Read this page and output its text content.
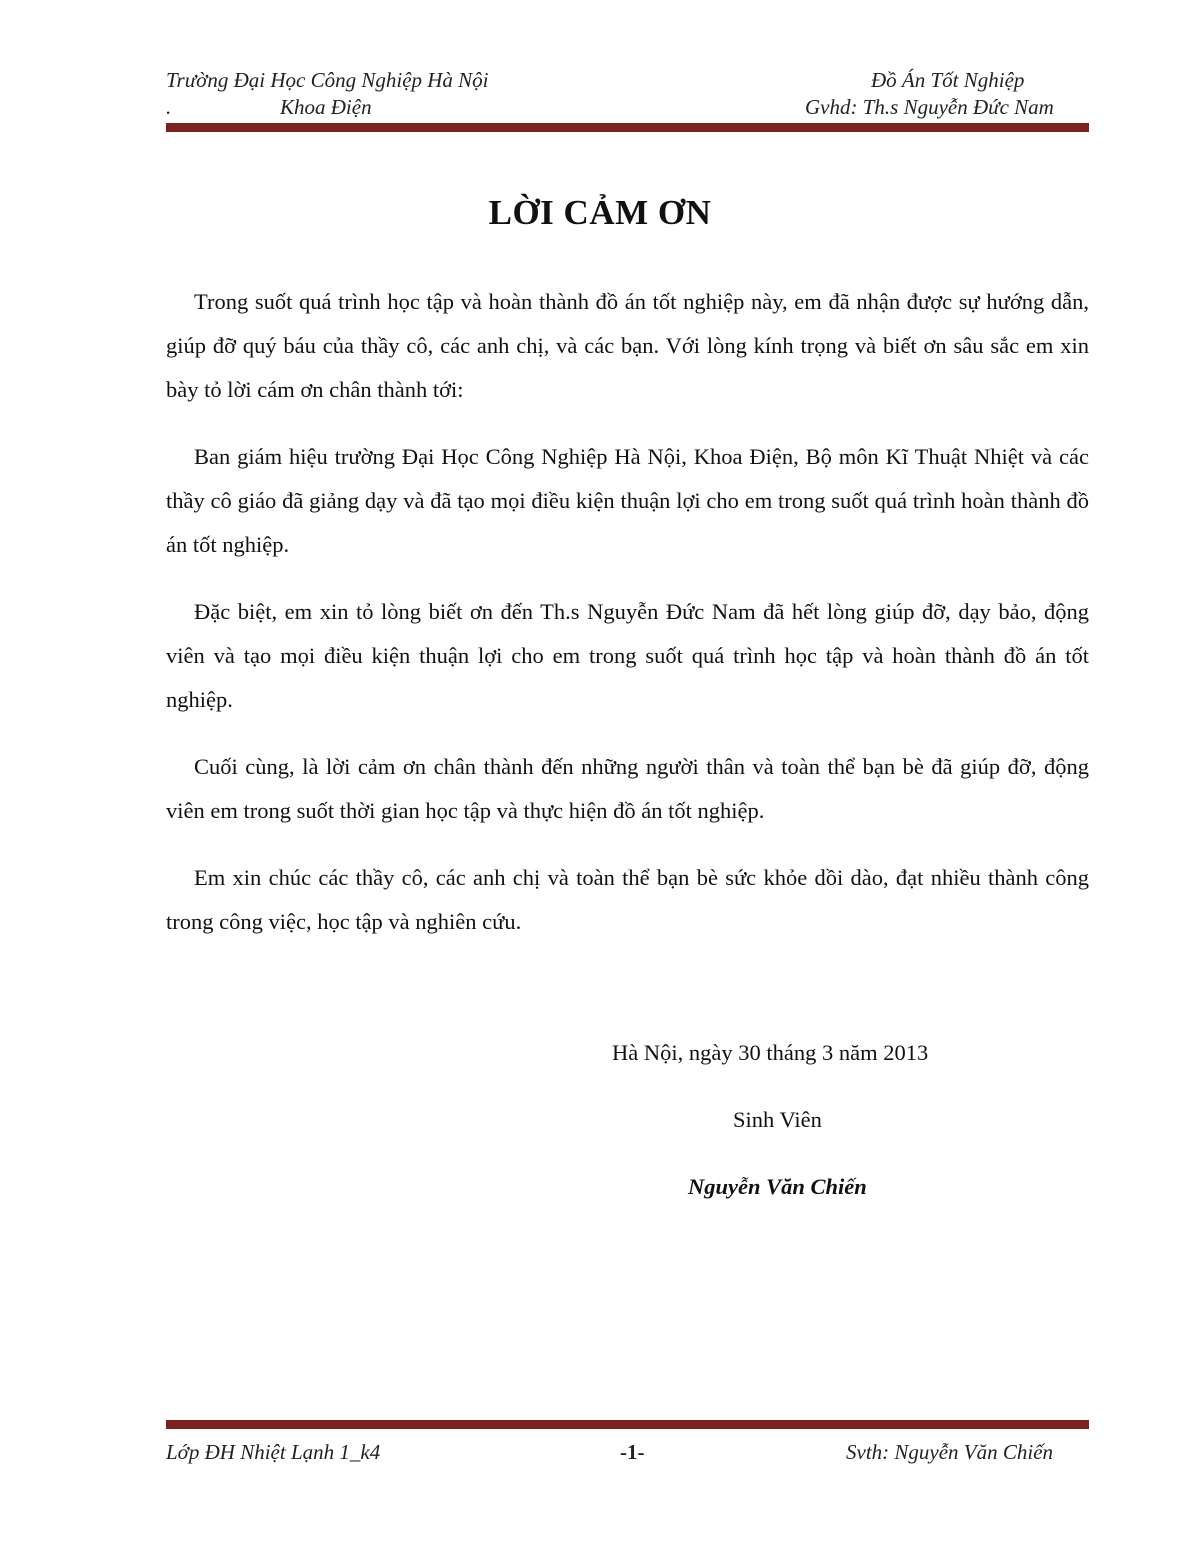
Trường Đại Học Công Nghiệp Hà Nội	Đồ Án Tốt Nghiệp
.	Khoa Điện	Gvhd: Th.s Nguyễn Đức Nam
LỜI CẢM ƠN

Trong suốt quá trình học tập và hoàn thành đồ án tốt nghiệp này, em đã nhận được sự hướng dẫn, giúp đỡ quý báu của thầy cô, các anh chị, và các bạn. Với lòng kính trọng và biết ơn sâu sắc em xin bày tỏ lời cám ơn chân thành tới:

Ban giám hiệu trường Đại Học Công Nghiệp Hà Nội, Khoa Điện, Bộ môn Kĩ Thuật Nhiệt và các thầy cô giáo đã giảng dạy và đã tạo mọi điều kiện thuận lợi cho em trong suốt quá trình hoàn thành đồ án tốt nghiệp.

Đặc biệt, em xin tỏ lòng biết ơn đến Th.s Nguyễn Đức Nam đã hết lòng giúp đỡ, dạy bảo, động viên và tạo mọi điều kiện thuận lợi cho em trong suốt quá trình học tập và hoàn thành đồ án tốt nghiệp.

Cuối cùng, là lời cảm ơn chân thành đến những người thân và toàn thể bạn bè đã giúp đỡ, động viên em trong suốt thời gian học tập và thực hiện đồ án tốt nghiệp.

Em xin chúc các thầy cô, các anh chị và toàn thể bạn bè sức khỏe dồi dào, đạt nhiều thành công trong công việc, học tập và nghiên cứu.

Hà Nội, ngày 30 tháng 3 năm 2013
Sinh Viên
Nguyễn Văn Chiến
Lớp ĐH Nhiệt Lạnh 1_k4	-1-	Svth: Nguyễn Văn Chiến
